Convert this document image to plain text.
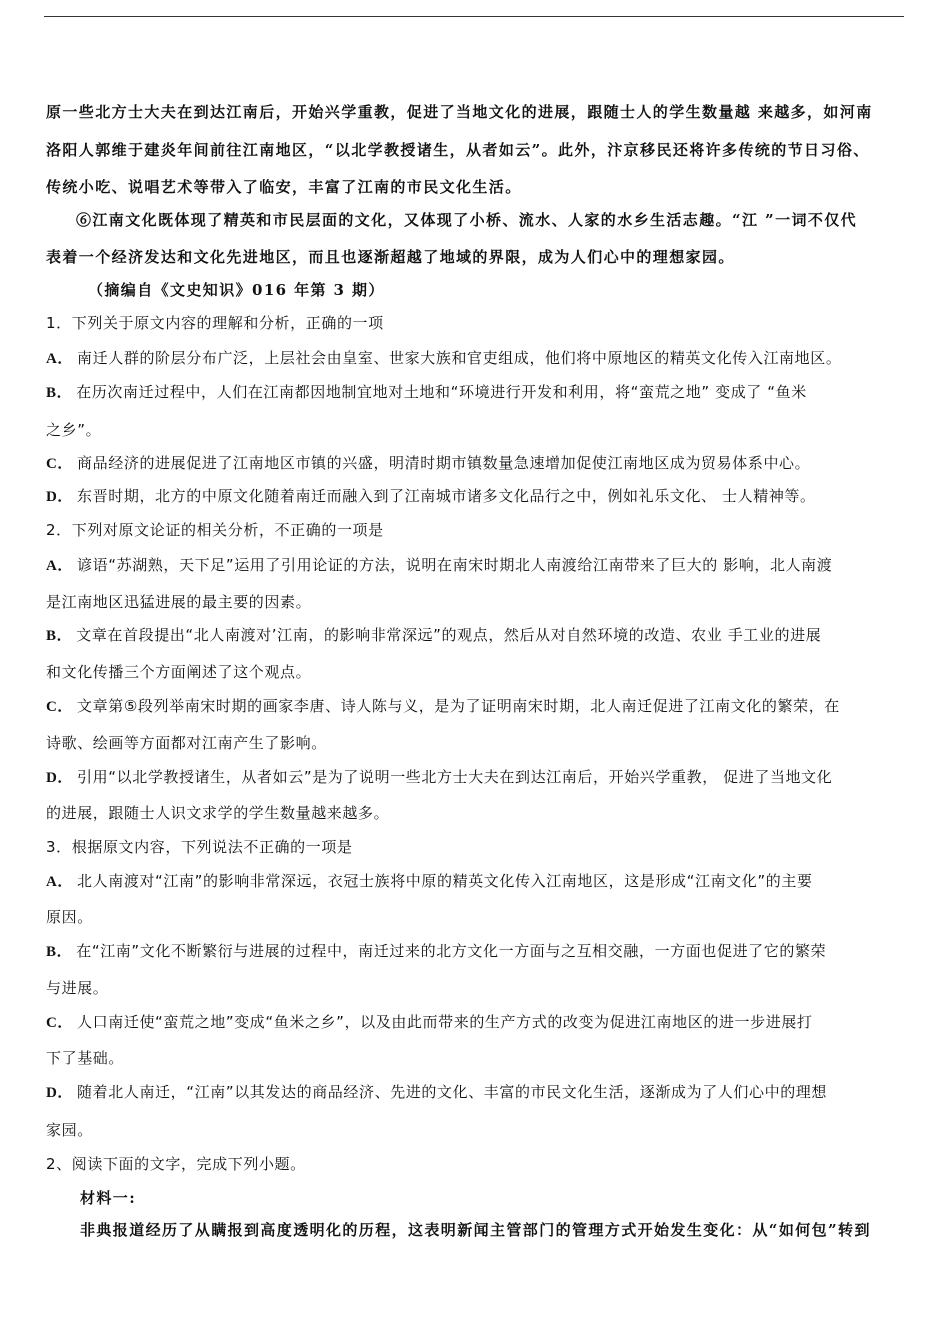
原一些北方士大夫在到达江南后，开始兴学重教，促进了当地文化的进展，跟随士人的学生数量越 来越多，如河南
洛阳人郭维于建炎年间前往江南地区，“以北学教授诸生，从者如云”。此外，汴京移民还将许多传统的节日习俗、
传统小吃、说唱艺术等带入了临安，丰富了江南的市民文化生活。
⑥江南文化既体现了精英和市民层面的文化，又体现了小桥、流水、人家的水乡生活志趣。“江 ”一词不仅代
表着一个经济发达和文化先进地区，而且也逐渐超越了地域的界限，成为人们心中的理想家园。
（摘编自《文史知识》016 年第 3 期）
1．下列关于原文内容的理解和分析，正确的一项
A． 南迁人群的阶层分布广泛，上层社会由皇室、世家大族和官吏组成，他们将中原地区的精英文化传入江南地区。
B． 在历次南迁过程中，人们在江南都因地制宜地对土地和“环境进行开发和利用，将“蛮荒之地” 变成了 “鱼米
之乡”。
C． 商品经济的进展促进了江南地区市镇的兴盛，明清时期市镇数量急速增加促使江南地区成为贸易体系中心。
D． 东晋时期，北方的中原文化随着南迁而融入到了江南城市诸多文化品行之中，例如礼乐文化、 士人精神等。
2．下列对原文论证的相关分析，不正确的一项是
A． 谚语“苏湖熟，天下足”运用了引用论证的方法，说明在南宋时期北人南渡给江南带来了巨大的 影响，北人南渡
是江南地区迅猛进展的最主要的因素。
B． 文章在首段提出“北人南渡对’江南，的影响非常深远”的观点，然后从对自然环境的改造、农业 手工业的进展
和文化传播三个方面阐述了这个观点。
C． 文章第⑤段列举南宋时期的画家李唐、诗人陈与义，是为了证明南宋时期，北人南迁促进了江南文化的繁荣，在
诗歌、绘画等方面都对江南产生了影响。
D． 引用“以北学教授诸生，从者如云”是为了说明一些北方士大夫在到达江南后，开始兴学重教， 促进了当地文化
的进展，跟随士人识文求学的学生数量越来越多。
3．根据原文内容，下列说法不正确的一项是
A． 北人南渡对“江南”的影响非常深远，衣冠士族将中原的精英文化传入江南地区，这是形成“江南文化”的主要
原因。
B． 在“江南”文化不断繁衍与进展的过程中，南迁过来的北方文化一方面与之互相交融，一方面也促进了它的繁荣
与进展。
C． 人口南迁使“蛮荒之地”变成“鱼米之乡”，以及由此而带来的生产方式的改变为促进江南地区的进一步进展打
下了基础。
D． 随着北人南迁，“江南”以其发达的商品经济、先进的文化、丰富的市民文化生活，逐渐成为了人们心中的理想
家园。
2、阅读下面的文字，完成下列小题。
材料一:
非典报道经历了从瞒报到高度透明化的历程，这表明新闻主管部门的管理方式开始发生变化：从“如何包”转到
